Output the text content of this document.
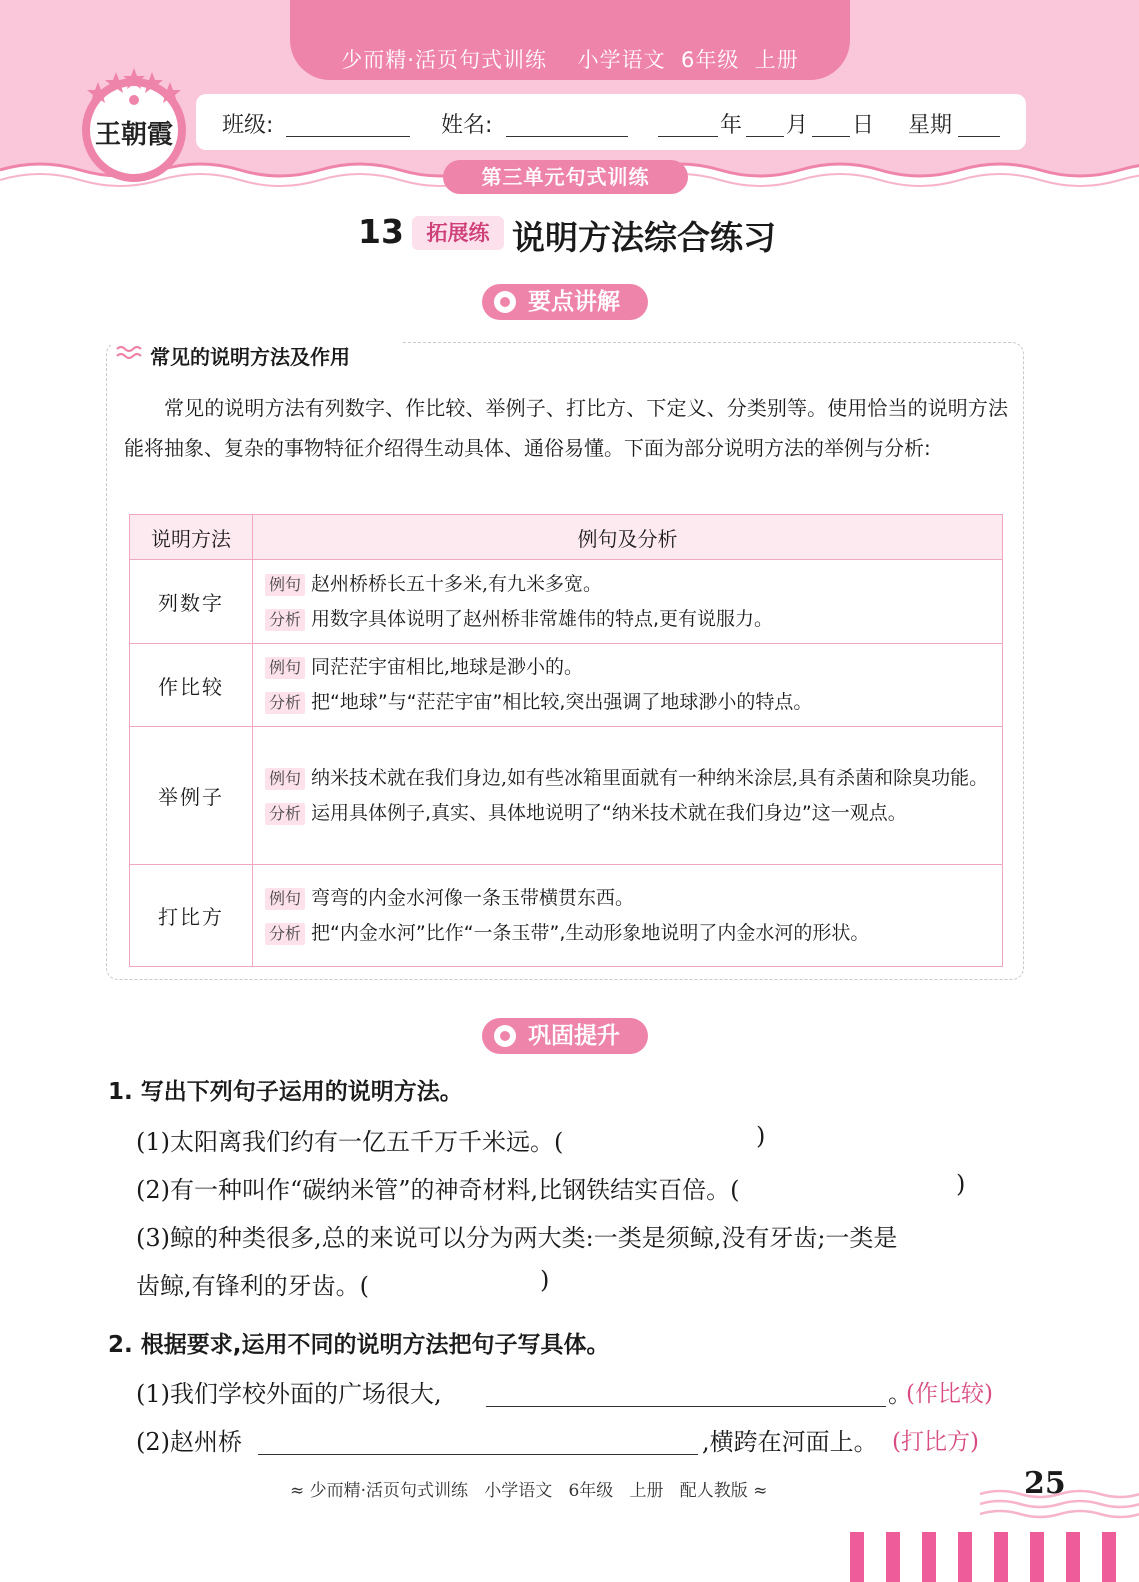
少而精·活页句式训练    小学语文  6年级  上册
王朝霞 班级:	姓名:	年 月 日 星期
第三单元句式训练
13	拓展练 说明方法综合练习
要点讲解
常见的说明方法及作用
常见的说明方法有列数字、作比较、举例子、打比方、下定义、分类别等。使用恰当的说明方法能将抽象、复杂的事物特征介绍得生动具体、通俗易懂。下面为部分说明方法的举例与分析:
说明方法	例句及分析
列数字	例句 赵州桥桥长五十多米,有九米多宽。
分析 用数字具体说明了赵州桥非常雄伟的特点,更有说服力。

作比较	例句 同茫茫宇宙相比,地球是渺小的。
分析 把“地球”与“茫茫宇宙”相比较,突出强调了地球渺小的特点。

举例子	例句 纳米技术就在我们身边,如有些冰箱里面就有一种纳米涂层,具有杀菌和除臭功能。
分析 运用具体例子,真实、具体地说明了“纳米技术就在我们身边”这一观点。

打比方	例句 弯弯的内金水河像一条玉带横贯东西。
分析 把“内金水河”比作“一条玉带”,生动形象地说明了内金水河的形状。
巩固提升
1. 写出下列句子运用的说明方法。
(1)太阳离我们约有一亿五千万千米远。(	)
(2)有一种叫作“碳纳米管”的神奇材料,比钢铁结实百倍。(	)
(3)鲸的种类很多,总的来说可以分为两大类:一类是须鲸,没有牙齿;一类是
齿鲸,有锋利的牙齿。(	)
2. 根据要求,运用不同的说明方法把句子写具体。
(1)我们学校外面的广场很大,	。
(作比较)
(2)赵州桥	,横跨在河面上。 (打比方)
≈ 少而精·活页句式训练   小学语文   6年级   上册   配人教版 ≈	25
